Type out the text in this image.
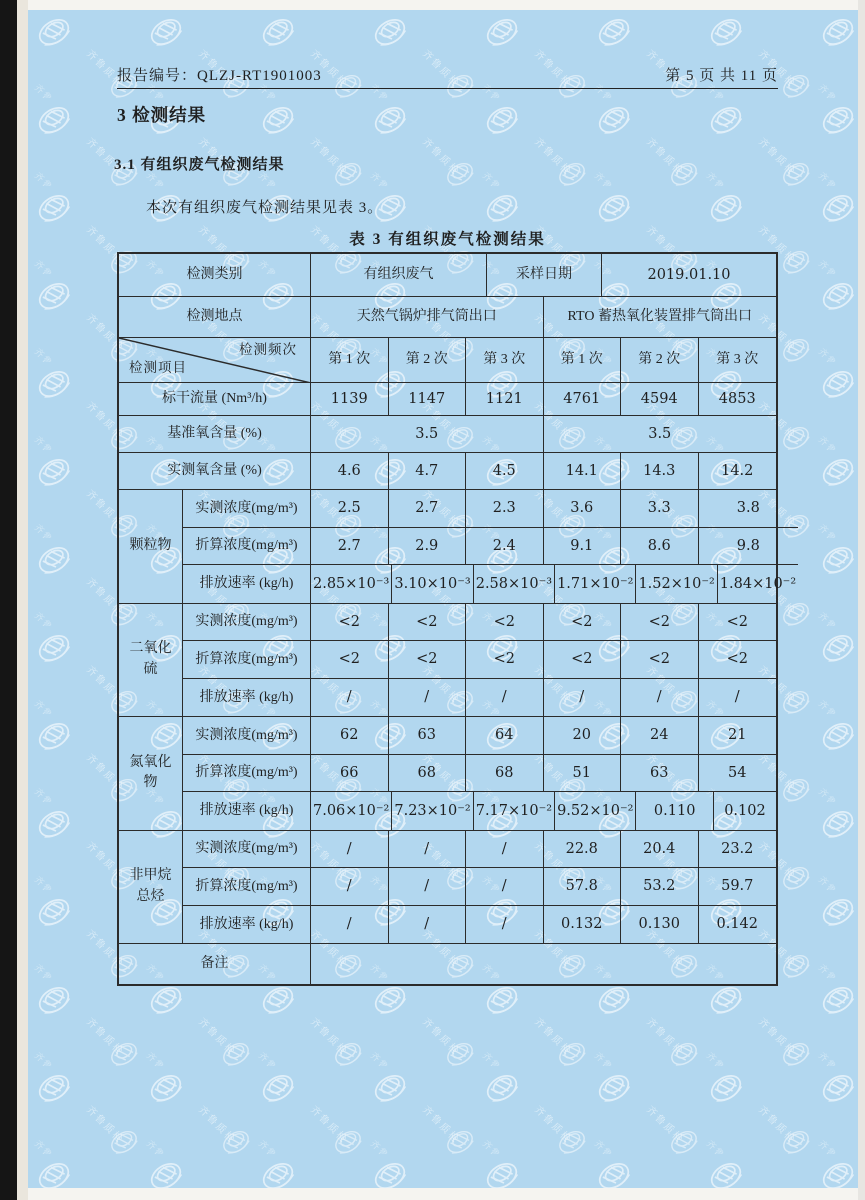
报告编号：QLZJ-RT1901003	第 5 页 共 11 页
3 检测结果
3.1 有组织废气检测结果
本次有组织废气检测结果见表 3。
表 3 有组织废气检测结果
检测类别	有组织废气	采样日期	2019.01.10
检测地点	天然气锅炉排气筒出口	RTO 蓄热氧化装置排气筒出口
检测频次
检测项目
第 1 次	第 2 次	第 3 次	第 1 次	第 2 次	第 3 次
标干流量 (Nm³/h)	1139	1147	1121	4761	4594	4853
基准氧含量 (%)	3.5	3.5
实测氧含量 (%)	4.6	4.7	4.5	14.1	14.3	14.2
颗粒物
实测浓度(mg/m³)	2.5	2.7	2.3	3.6	3.3	3.8
折算浓度(mg/m³)	2.7	2.9	2.4	9.1	8.6	9.8
排放速率 (kg/h)	2.85×10⁻³ 3.10×10⁻³ 2.58×10⁻³ 1.71×10⁻² 1.52×10⁻² 1.84×10⁻²
二氧化硫
实测浓度(mg/m³)	<2	<2	<2	<2	<2	<2
折算浓度(mg/m³)	<2	<2	<2	<2	<2	<2
排放速率 (kg/h)	/	/	/	/	/	/
氮氧化物
实测浓度(mg/m³)	62	63	64	20	24	21
折算浓度(mg/m³)	66	68	68	51	63	54
排放速率 (kg/h)	7.06×10⁻² 7.23×10⁻² 7.17×10⁻² 9.52×10⁻²	0.110	0.102
非甲烷总烃
实测浓度(mg/m³)	/	/	/	22.8	20.4	23.2
折算浓度(mg/m³)	/	/	/	57.8	53.2	59.7
排放速率 (kg/h)	/	/	/	0.132	0.130	0.142
备注
